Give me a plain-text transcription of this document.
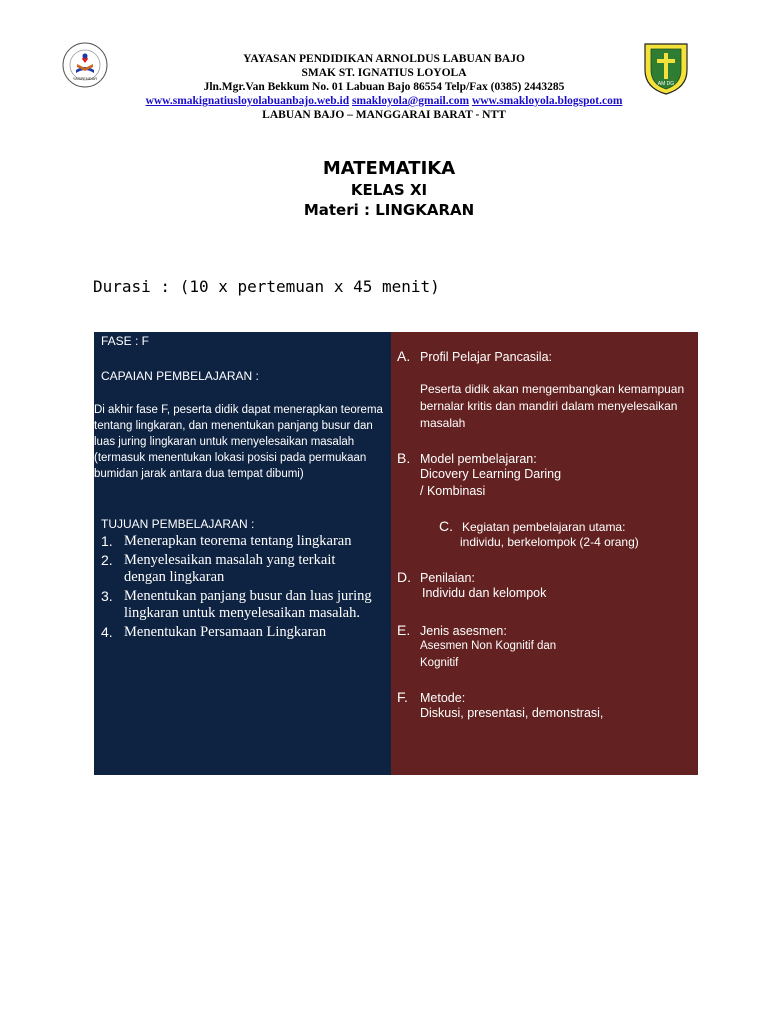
YASPENDAR
AM DG
YAYASAN PENDIDIKAN ARNOLDUS LABUAN BAJO
SMAK ST. IGNATIUS LOYOLA
Jln.Mgr.Van Bekkum No. 01 Labuan Bajo 86554 Telp/Fax (0385) 2443285
www.smakignatiusloyolabuanbajo.web.id smakloyola@gmail.com www.smakloyola.blogspot.com
LABUAN BAJO – MANGGARAI BARAT - NTT
MATEMATIKA
KELAS XI
Materi : LINGKARAN
Durasi : (10 x pertemuan x 45 menit)
FASE : F
CAPAIAN PEMBELAJARAN :
Di akhir fase F, peserta didik dapat menerapkan teorema tentang lingkaran, dan menentukan panjang busur dan luas juring lingkaran untuk menyelesaikan masalah (termasuk menentukan lokasi posisi pada permukaan bumidan jarak antara dua tempat dibumi)
TUJUAN PEMBELAJARAN :
1. Menerapkan teorema tentang lingkaran
2. Menyelesaikan masalah yang terkait dengan lingkaran
3. Menentukan panjang busur dan luas juring lingkaran untuk menyelesaikan masalah.
4. Menentukan Persamaan Lingkaran
A. Profil Pelajar Pancasila:
Peserta didik akan mengembangkan kemampuan bernalar kritis dan mandiri dalam menyelesaikan masalah
B. Model pembelajaran:
Dicovery Learning Daring
/ Kombinasi
C. Kegiatan pembelajaran utama:
individu, berkelompok (2-4 orang)
D. Penilaian:
Individu dan kelompok
E. Jenis asesmen:
Asesmen Non Kognitif dan
Kognitif
F. Metode:
Diskusi, presentasi, demonstrasi,
